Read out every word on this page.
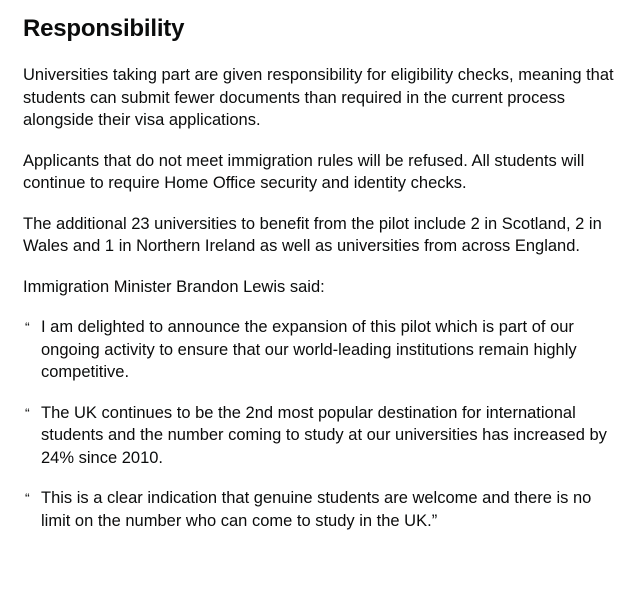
Responsibility

Universities taking part are given responsibility for eligibility checks, meaning that students can submit fewer documents than required in the current process alongside their visa applications.

Applicants that do not meet immigration rules will be refused. All students will continue to require Home Office security and identity checks.

The additional 23 universities to benefit from the pilot include 2 in Scotland, 2 in Wales and 1 in Northern Ireland as well as universities from across England.

Immigration Minister Brandon Lewis said:

“ I am delighted to announce the expansion of this pilot which is part of our ongoing activity to ensure that our world-leading institutions remain highly competitive.
“ The UK continues to be the 2nd most popular destination for international students and the number coming to study at our universities has increased by 24% since 2010.
“ This is a clear indication that genuine students are welcome and there is no limit on the number who can come to study in the UK.”
